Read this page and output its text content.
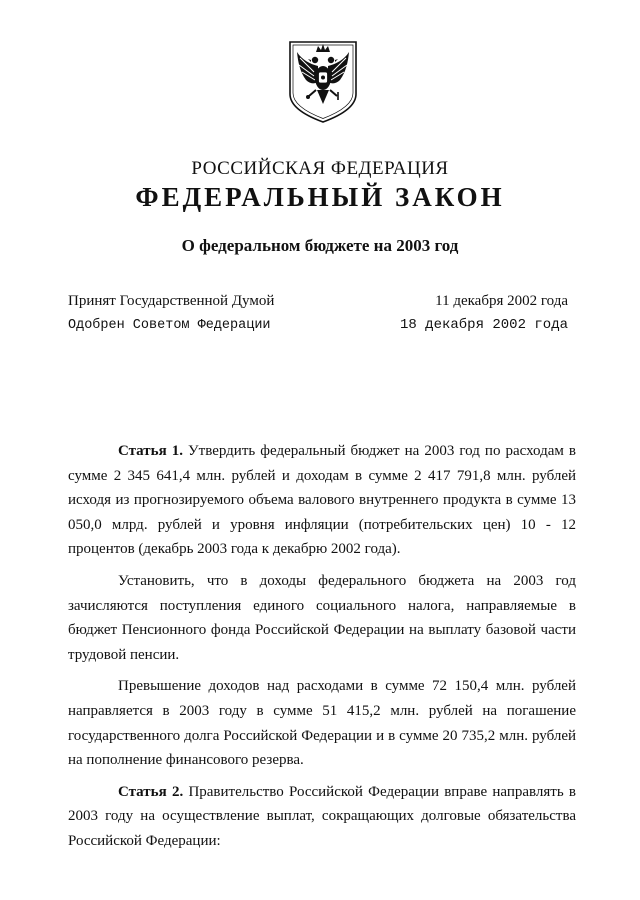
РОССИЙСКАЯ ФЕДЕРАЦИЯ
ФЕДЕРАЛЬНЫЙ ЗАКОН
О федеральном бюджете на 2003 год
Принят Государственной Думой	11 декабря 2002 года
Одобрен Советом Федерации	18 декабря 2002 года

Статья 1. Утвердить федеральный бюджет на 2003 год по расходам в сумме 2 345 641,4 млн. рублей и доходам в сумме 2 417 791,8 млн. рублей исходя из прогнозируемого объема валового внутреннего продукта в сумме 13 050,0 млрд. рублей и уровня инфляции (потребительских цен) 10 - 12 процентов (декабрь 2003 года к декабрю 2002 года).

Установить, что в доходы федерального бюджета на 2003 год зачисляются поступления единого социального налога, направляемые в бюджет Пенсионного фонда Российской Федерации на выплату базовой части трудовой пенсии.

Превышение доходов над расходами в сумме 72 150,4 млн. рублей направляется в 2003 году в сумме 51 415,2 млн. рублей на погашение государственного долга Российской Федерации и в сумме 20 735,2 млн. рублей на пополнение финансового резерва.

Статья 2. Правительство Российской Федерации вправе направлять в 2003 году на осуществление выплат, сокращающих долговые обязательства Российской Федерации:
